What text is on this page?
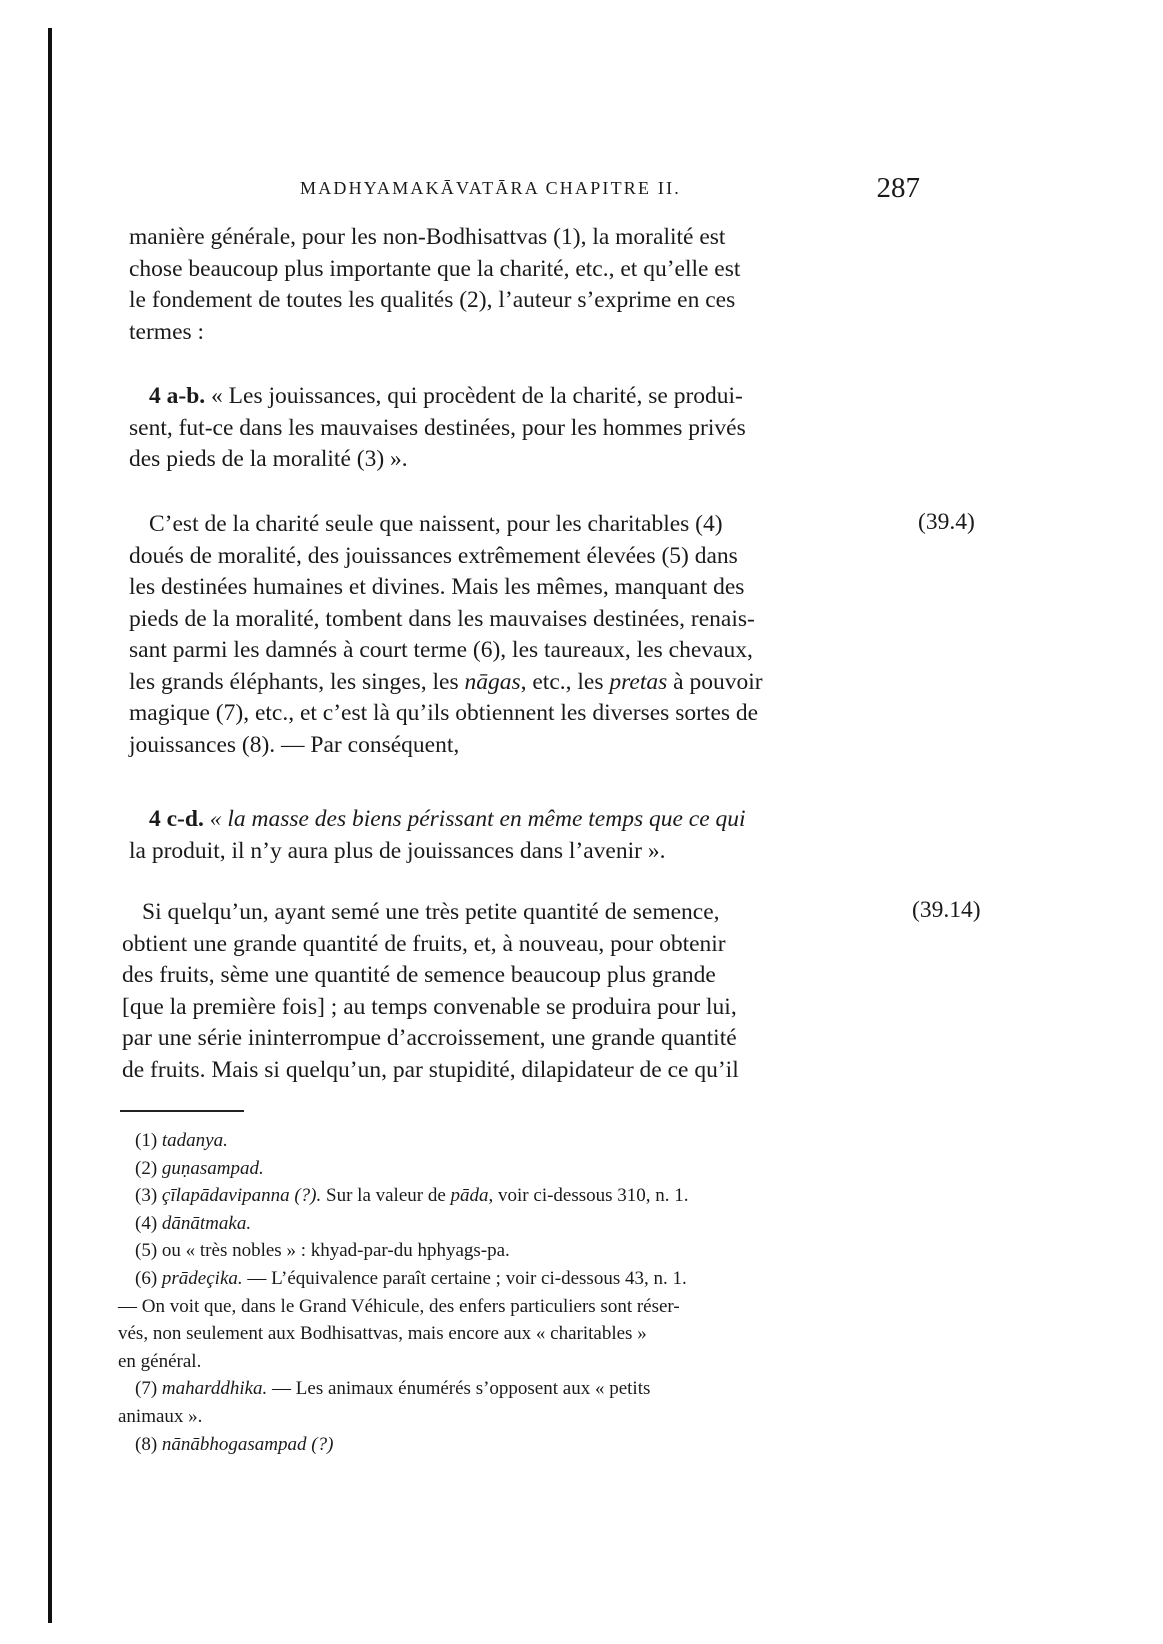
MADHYAMAKĀVATĀRA CHAPITRE II.	287

manière générale, pour les non-Bodhisattvas (1), la moralité est
chose beaucoup plus importante que la charité, etc., et qu’elle est
le fondement de toutes les qualités (2), l’auteur s’exprime en ces
termes :

4 a-b. « Les jouissances, qui procèdent de la charité, se produi-
sent, fut-ce dans les mauvaises destinées, pour les hommes privés
des pieds de la moralité (3) ».

C’est de la charité seule que naissent, pour les charitables (4)
doués de moralité, des jouissances extrêmement élevées (5) dans
les destinées humaines et divines. Mais les mêmes, manquant des
pieds de la moralité, tombent dans les mauvaises destinées, renais-
sant parmi les damnés à court terme (6), les taureaux, les chevaux,
les grands éléphants, les singes, les nāgas, etc., les pretas à pouvoir
magique (7), etc., et c’est là qu’ils obtiennent les diverses sortes de
jouissances (8). — Par conséquent,

(39.4)

4 c-d. « la masse des biens périssant en même temps que ce qui
la produit, il n’y aura plus de jouissances dans l’avenir ».

Si quelqu’un, ayant semé une très petite quantité de semence,
obtient une grande quantité de fruits, et, à nouveau, pour obtenir
des fruits, sème une quantité de semence beaucoup plus grande
[que la première fois] ; au temps convenable se produira pour lui,
par une série ininterrompue d’accroissement, une grande quantité
de fruits. Mais si quelqu’un, par stupidité, dilapidateur de ce qu’il

(39.14)
(1) tadanya.
(2) guṇasampad.
(3) çīlapādavipanna (?). Sur la valeur de pāda, voir ci-dessous 310, n. 1.
(4) dānātmaka.
(5) ou « très nobles » : khyad-par-du hphyags-pa.
(6) prādeçika. — L’équivalence paraît certaine ; voir ci-dessous 43, n. 1.
— On voit que, dans le Grand Véhicule, des enfers particuliers sont réser-
vés, non seulement aux Bodhisattvas, mais encore aux « charitables »
en général.
(7) maharddhika. — Les animaux énumérés s’opposent aux « petits
animaux ».
(8) nānābhogasampad (?)
